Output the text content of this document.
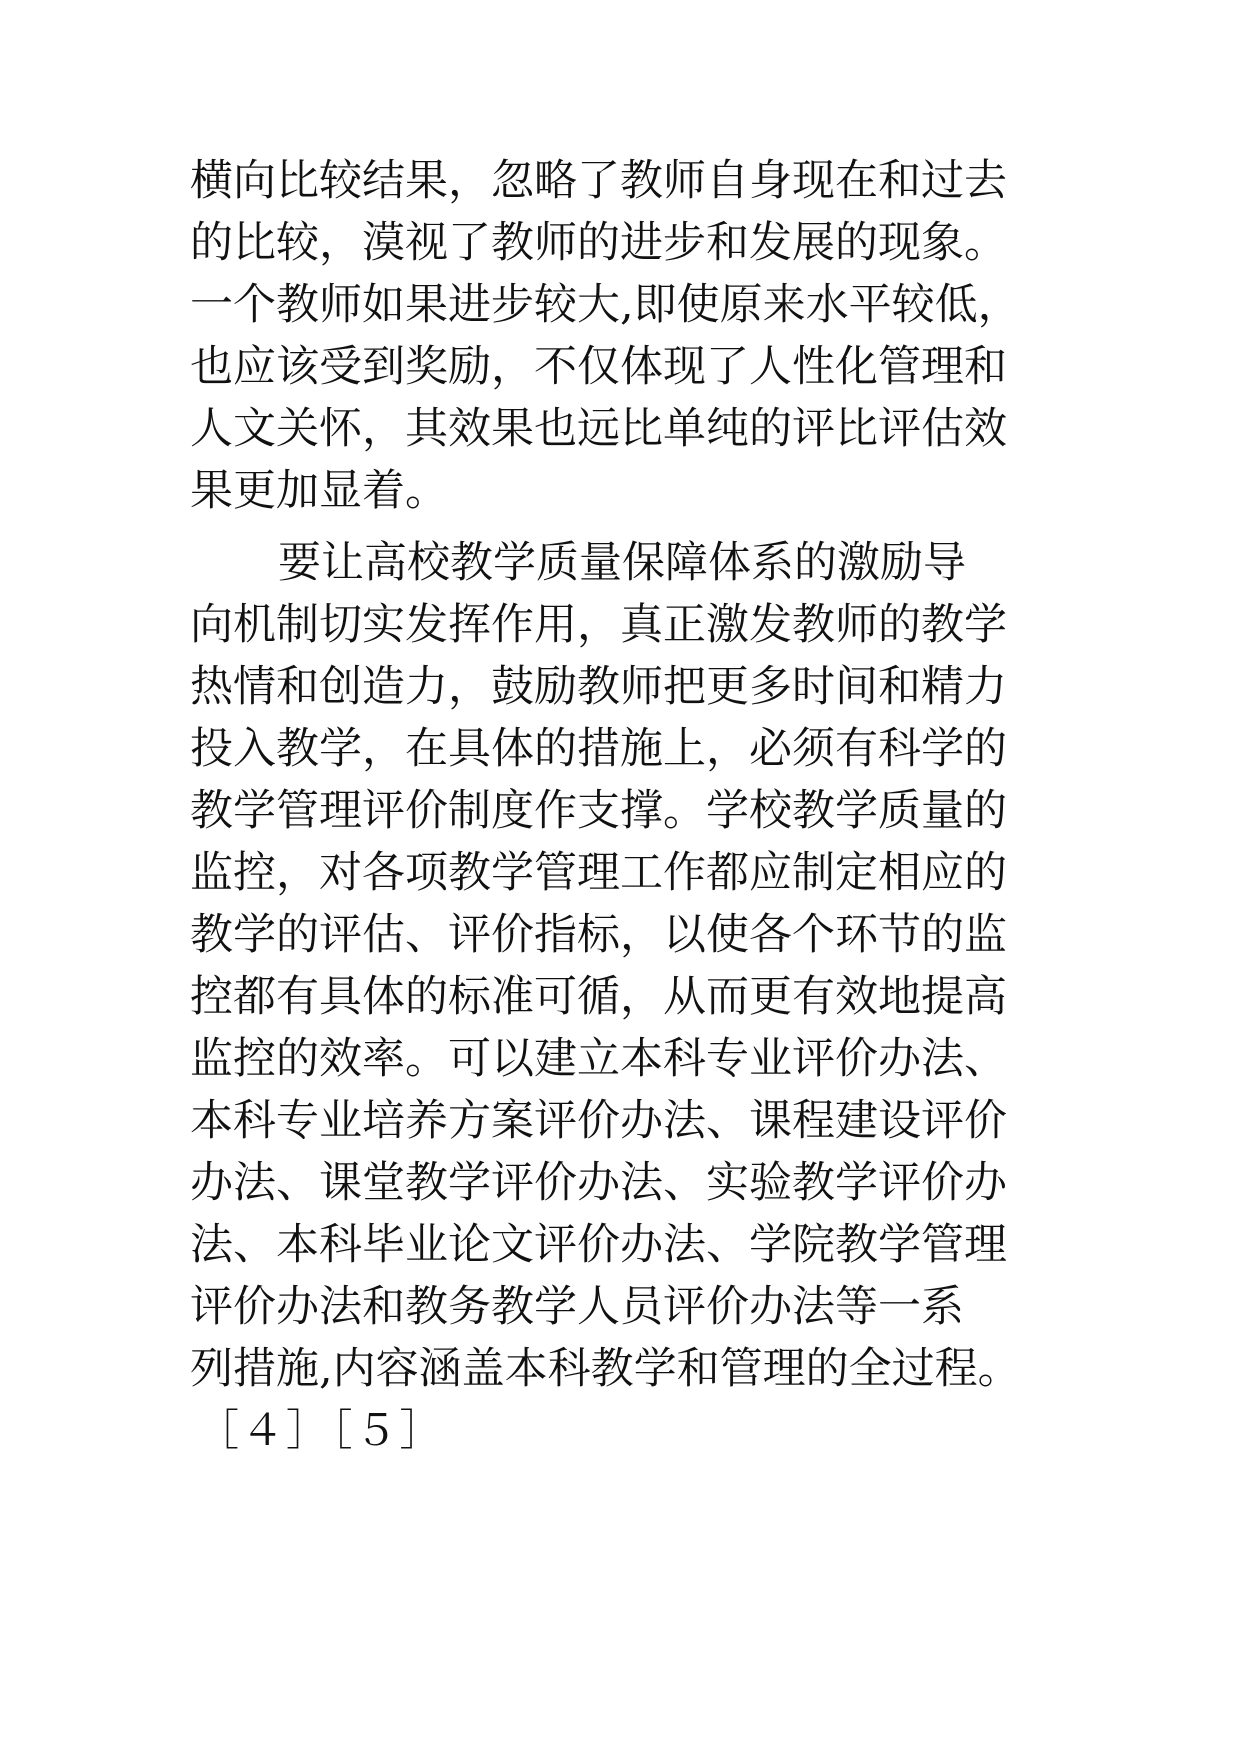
横向比较结果，忽略了教师自身现在和过去
的比较，漠视了教师的进步和发展的现象。
一个教师如果进步较大,即使原来水平较低，
也应该受到奖励，不仅体现了人性化管理和
人文关怀，其效果也远比单纯的评比评估效
果更加显着。
要让高校教学质量保障体系的激励导
向机制切实发挥作用，真正激发教师的教学
热情和创造力，鼓励教师把更多时间和精力
投入教学，在具体的措施上，必须有科学的
教学管理评价制度作支撑。学校教学质量的
监控，对各项教学管理工作都应制定相应的
教学的评估、评价指标，以使各个环节的监
控都有具体的标准可循，从而更有效地提高
监控的效率。可以建立本科专业评价办法、
本科专业培养方案评价办法、课程建设评价
办法、课堂教学评价办法、实验教学评价办
法、本科毕业论文评价办法、学院教学管理
评价办法和教务教学人员评价办法等一系
列措施,内容涵盖本科教学和管理的全过程。
［４］［５］
